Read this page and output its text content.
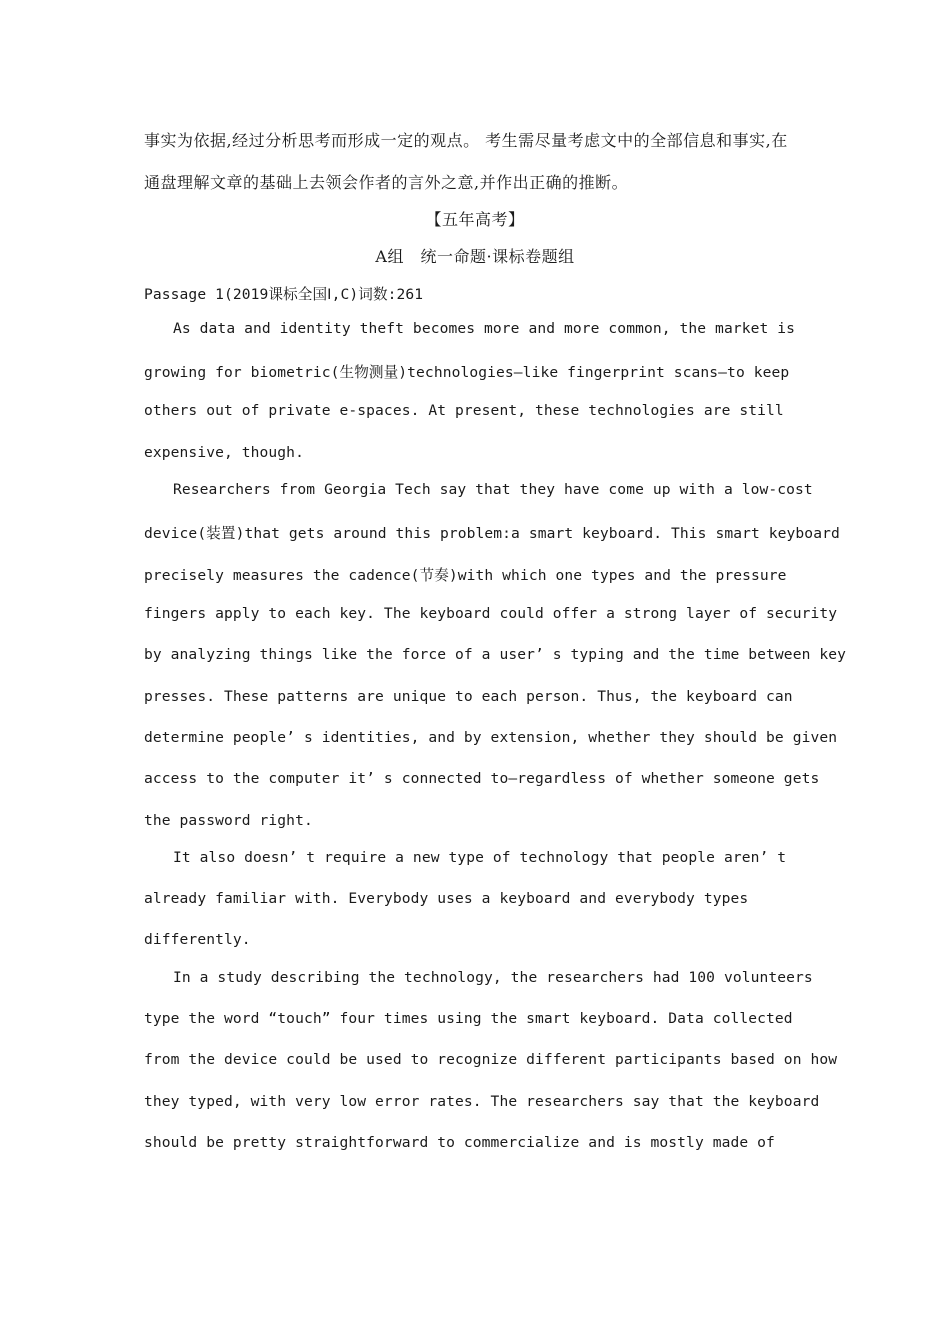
事实为依据,经过分析思考而形成一定的观点。 考生需尽量考虑文中的全部信息和事实,在
通盘理解文章的基础上去领会作者的言外之意,并作出正确的推断。
【五年高考】
A组　统一命题·课标卷题组
Passage 1(2019课标全国Ⅰ,C)词数:261
As data and identity theft becomes more and more common, the market is
growing for biometric(生物测量)technologies—like fingerprint scans—to keep
others out of private e-spaces. At present, these technologies are still
expensive, though.
Researchers from Georgia Tech say that they have come up with a low-cost
device(装置)that gets around this problem:a smart keyboard. This smart keyboard
precisely measures the cadence(节奏)with which one types and the pressure
fingers apply to each key. The keyboard could offer a strong layer of security
by analyzing things like the force of a user’ s typing and the time between key
presses. These patterns are unique to each person. Thus, the keyboard can
determine people’ s identities, and by extension, whether they should be given
access to the computer it’ s connected to—regardless of whether someone gets
the password right.
It also doesn’ t require a new type of technology that people aren’ t
already familiar with. Everybody uses a keyboard and everybody types
differently.
In a study describing the technology, the researchers had 100 volunteers
type the word “touch” four times using the smart keyboard. Data collected
from the device could be used to recognize different participants based on how
they typed, with very low error rates. The researchers say that the keyboard
should be pretty straightforward to commercialize and is mostly made of
